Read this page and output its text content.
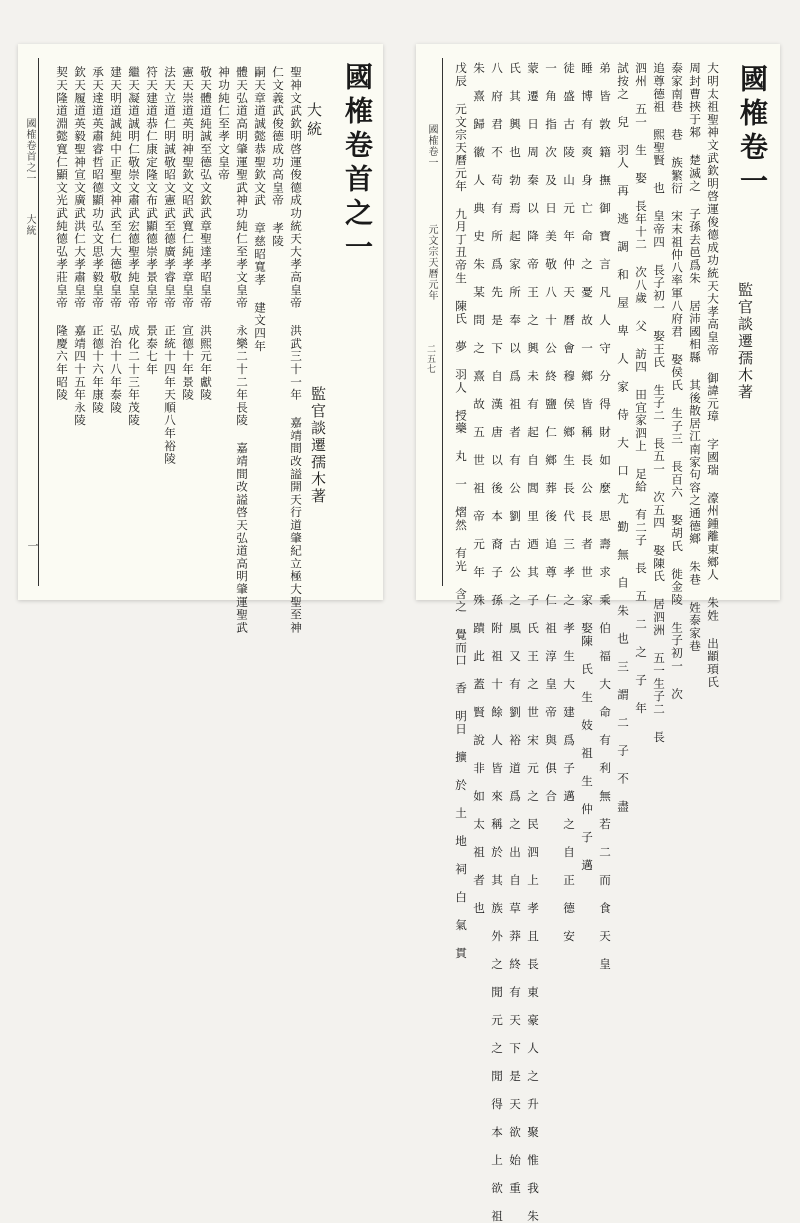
國榷卷首之一
大統
監官談遷孺木著
聖神文武欽明啓運俊德成功統天大孝高皇帝 洪武三十一年 嘉靖間改謚開天行道肇紀立極大聖至神
仁文義武俊德成功高皇帝 孝陵
嗣天章道誠懿恭聖欽文武 章慈昭寬孝 建文四年
體天弘道高明肇運聖武神功純仁至孝文皇帝 永樂二十二年長陵 嘉靖間改謚啓天弘道高明肇運聖武
神功純仁至孝文皇帝
敬天體道純誠至德弘文欽武章聖達孝昭皇帝 洪熙元年獻陵
憲天崇道英明神聖欽文昭武寬仁純孝章皇帝 宣德十年景陵
法天立道仁明誠敬昭文憲武至德廣孝睿皇帝 正統十四年天順八年裕陵
符天建道恭仁康定隆文布武顯德崇孝景皇帝 景泰七年
繼天凝道誠明仁敬崇文肅武宏德聖孝純皇帝 成化二十三年茂陵
建天明道誠純中正聖文神武至仁大德敬皇帝 弘治十八年泰陵
承天達道英肅睿哲昭德顯功弘文思孝毅皇帝 正德十六年康陵
欽天履道英毅聖神宣文廣武洪仁大孝肅皇帝 嘉靖四十五年永陵
契天隆道淵懿寬仁顯文光武純德弘孝莊皇帝 隆慶六年昭陵
國榷卷首之一
大統
一
國榷卷一
監官談遷孺木著
大明太祖聖神文武欽明啓運俊德成功統天大孝高皇帝 御諱元璋 字國瑞 濠州鍾離東鄉人 朱姓 出顓頊氏
周封曹挾于邾 楚滅之 子孫去邑爲朱 居沛國相縣 其後散居江南家句容之通德鄉 朱巷 姓泰家巷
泰家南巷 巷 族繁衍 宋末祖仲八率軍八府君 娶侯氏 生子三 長百六 娶胡氏 徙金陵 生子初一 次
追尊德祖 熙聖賢 也 皇帝四 長子初一 娶王氏 生子二 長五一 次五四 娶陳氏 居泗洲 五一生子二 長
泗州 五一 生 娶 長年十二 次八歲 父 訪四 田宜家泗上 足給 有二子 長 五 二 之 子 年
試按之 兒 羽人 再 逃 調 和 屋 卑 人 家 侍 大 口 尤 勤 無 自 朱 也 三 謂 二 子 不 盡
弟 皆 敦 籍 撫 御 寶 言 凡 人 守 分 得 財 如 麼 思 壽 求 乘 伯 福 大 命 有 利 無 若 二 而 食 天 皇
睡 博 有 爽 身 亡 命 之 憂 故 一 鄉 皆 稱 長 公 長 者 世 家 娶陳 氏 生 妓 祖 生 仲 子 邁
徒 盛 古 陵 山 元 年 仲 天 曆 會 穆 侯 鄉 生 長 代 三 孝 之 孝 生 大 建 爲 子 邁 之 自 正 德 安
一 角 指 次 及 日 美 敬 八 十 公 終 鹽 仁 鄉 葬 後 追 尊 仁 祖 淳 皇 帝 與 俱 合
蒙 遷 日 周 秦 以 降 帝 王 之 興 未 有 起 自 閭 里 迺 其 子 氏 王 之 世 宋 元 之 民 泗 上 孝 且 長 東 豪 人 之 升 聚 惟 我 朱
氏 其 興 也 勃 焉 起 家 所 奉 以 爲 祖 者 有 公 劉 古 公 之 風 又 有 劉 裕 道 爲 之 出 自 草 莽 終 有 天 下 是 天 欲 始 重
八 府 君 不 茍 有 所 爲 先 是 下 自 漢 唐 以 後 本 裔 子 孫 附 祖 十 餘 人 皆 來 稱 於 其 族 外 之 閒 元 之 閒 得 本 上 欲 祖
朱 熹 歸 徽 人 典 史 朱 某 問 之 熹 故 五 世 祖 帝 元 年 殊 蹟 此 蓋 賢 說 非 如 太 祖 者 也
戊辰 元文宗天曆元年 九月丁丑帝生 陳氏 夢 羽人 授藥 丸 一 熠然 有光 含之 覺而口 香 明日 擴 於 土 地 祠 白 氣 貫
國榷卷一
元文宗天曆元年
二五七
